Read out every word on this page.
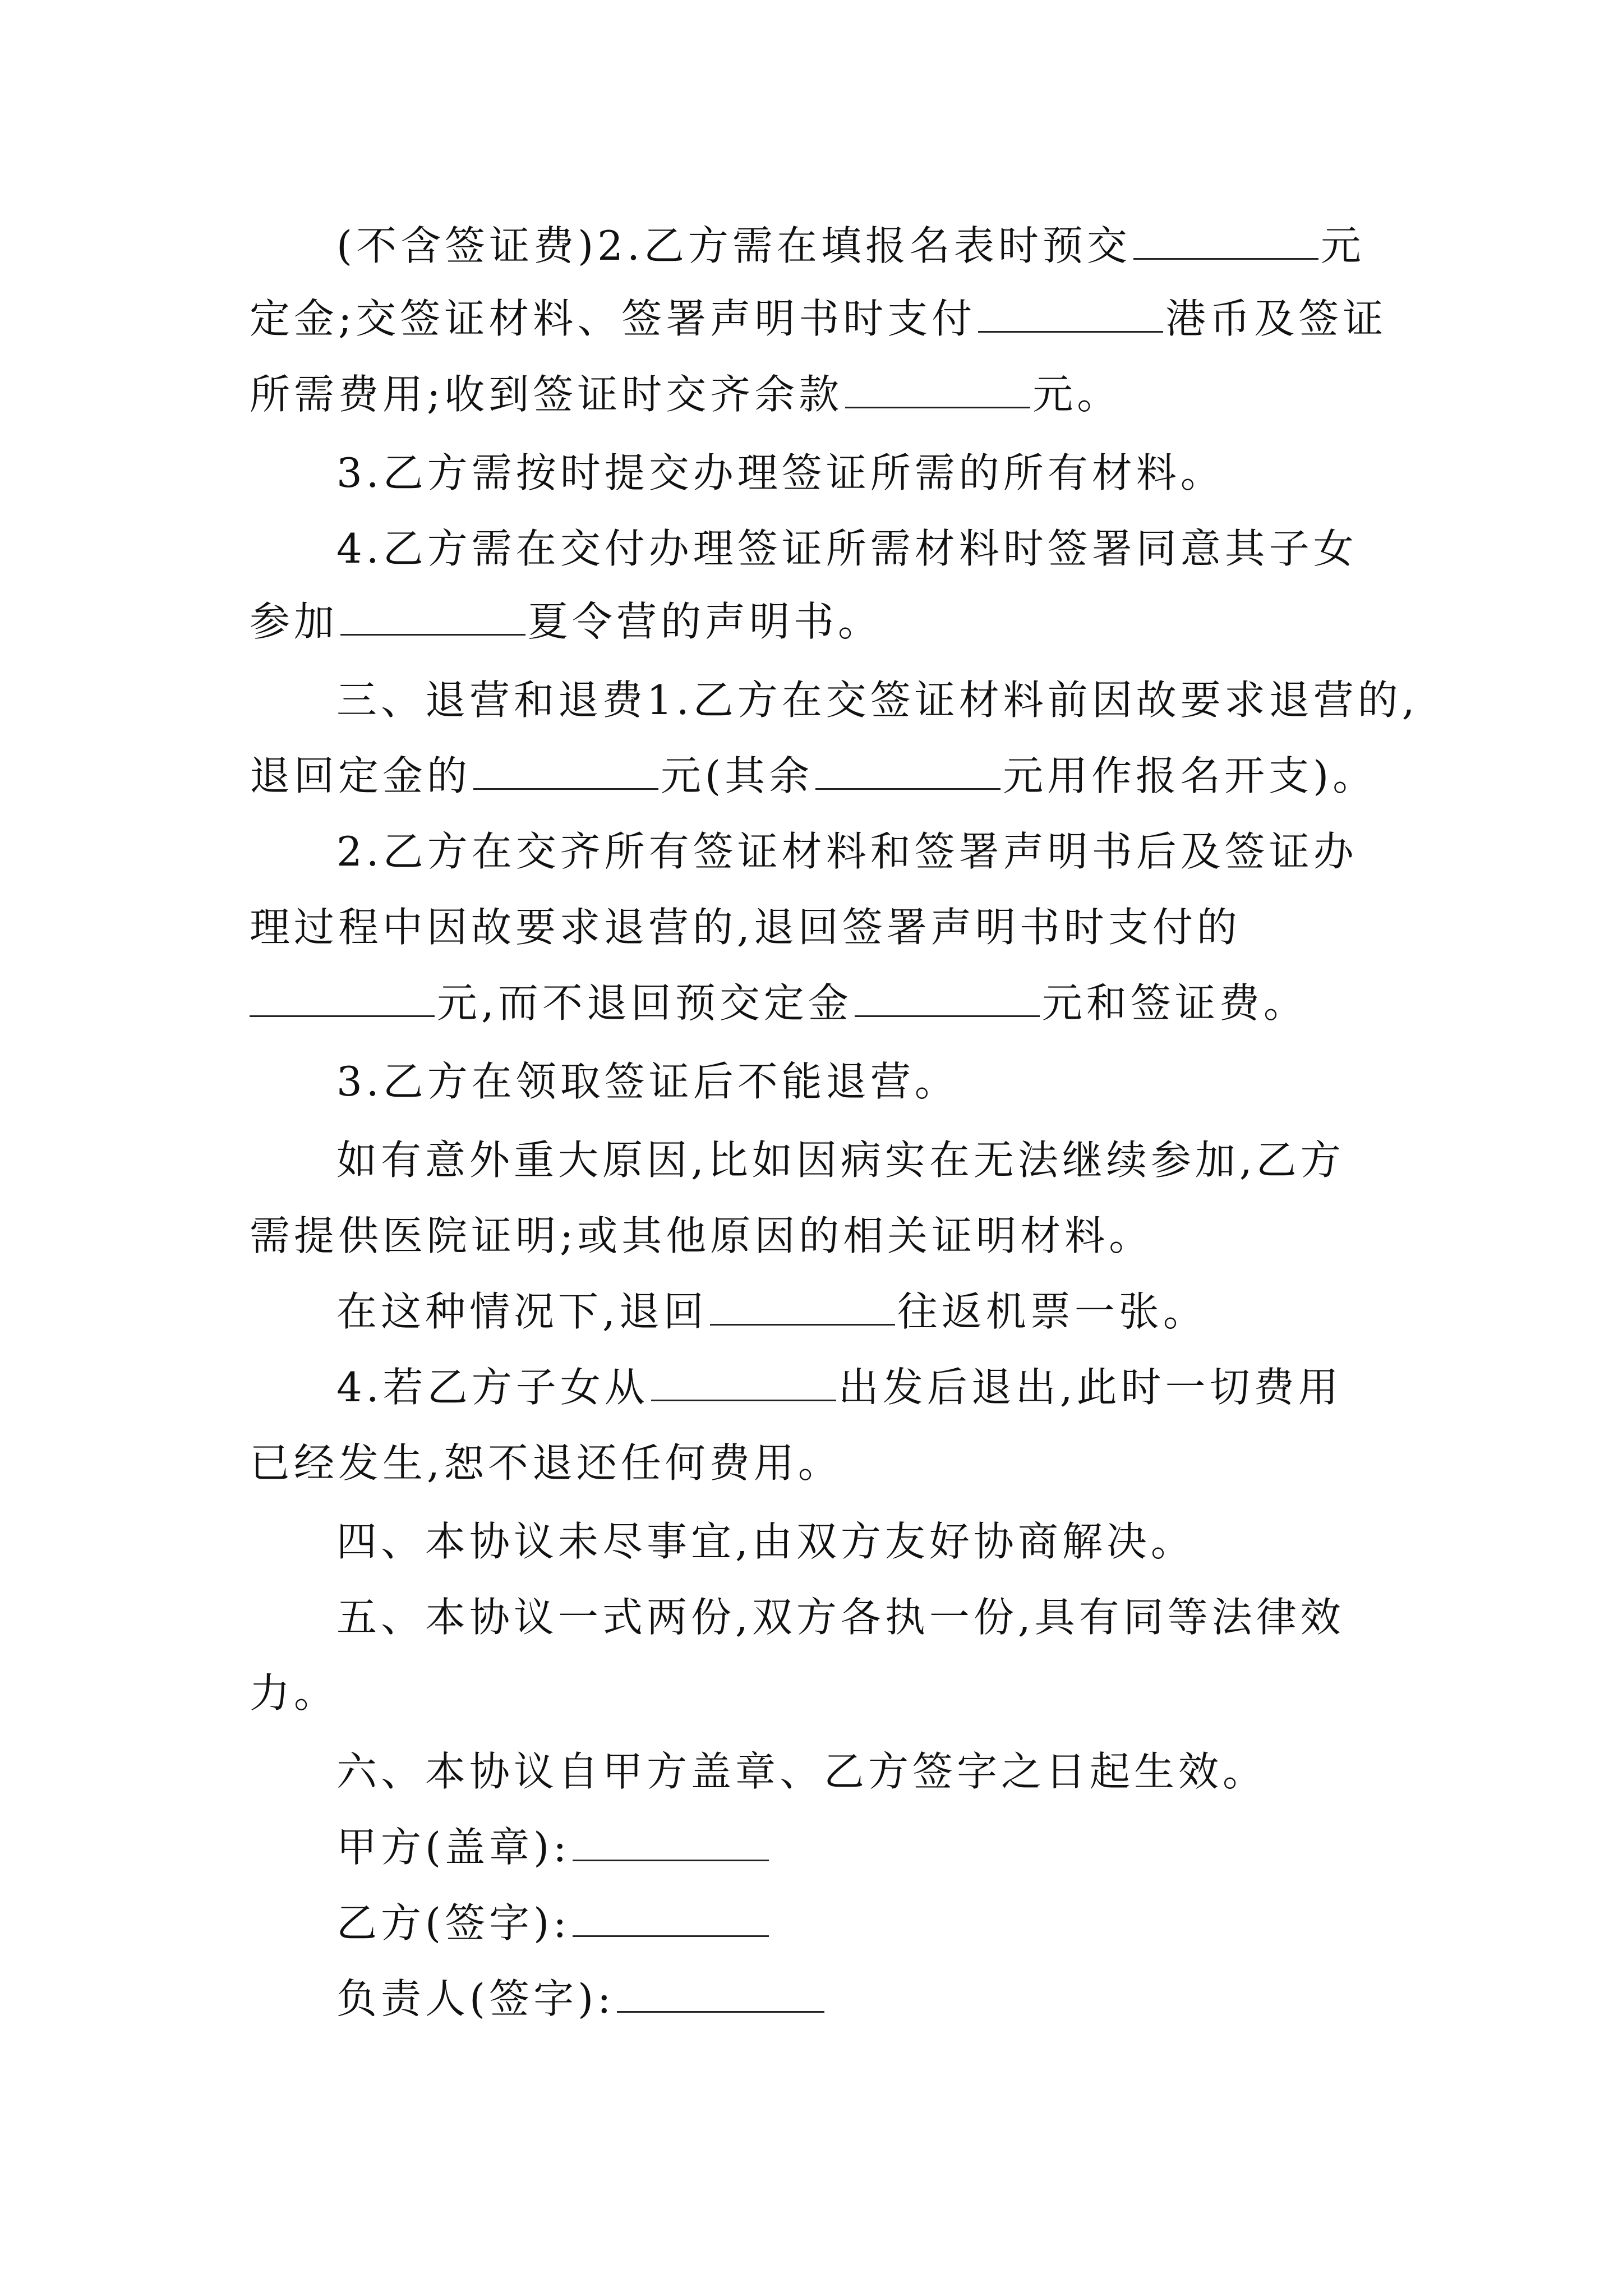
(不含签证费)2.乙方需在填报名表时预交	元
定金;交签证材料、签署声明书时支付	港币及签证
所需费用;收到签证时交齐余款	元。
3.乙方需按时提交办理签证所需的所有材料。
4.乙方需在交付办理签证所需材料时签署同意其子女
参加	夏令营的声明书。
三、退营和退费1.乙方在交签证材料前因故要求退营的,
退回定金的	元(其余	元用作报名开支)。
2.乙方在交齐所有签证材料和签署声明书后及签证办
理过程中因故要求退营的,退回签署声明书时支付的
元,而不退回预交定金	元和签证费。
3.乙方在领取签证后不能退营。
如有意外重大原因,比如因病实在无法继续参加,乙方
需提供医院证明;或其他原因的相关证明材料。
在这种情况下,退回	往返机票一张。
4.若乙方子女从	出发后退出,此时一切费用
已经发生,恕不退还任何费用。
四、本协议未尽事宜,由双方友好协商解决。
五、本协议一式两份,双方各执一份,具有同等法律效
力。
六、本协议自甲方盖章、乙方签字之日起生效。
甲方(盖章):
乙方(签字):
负责人(签字):
